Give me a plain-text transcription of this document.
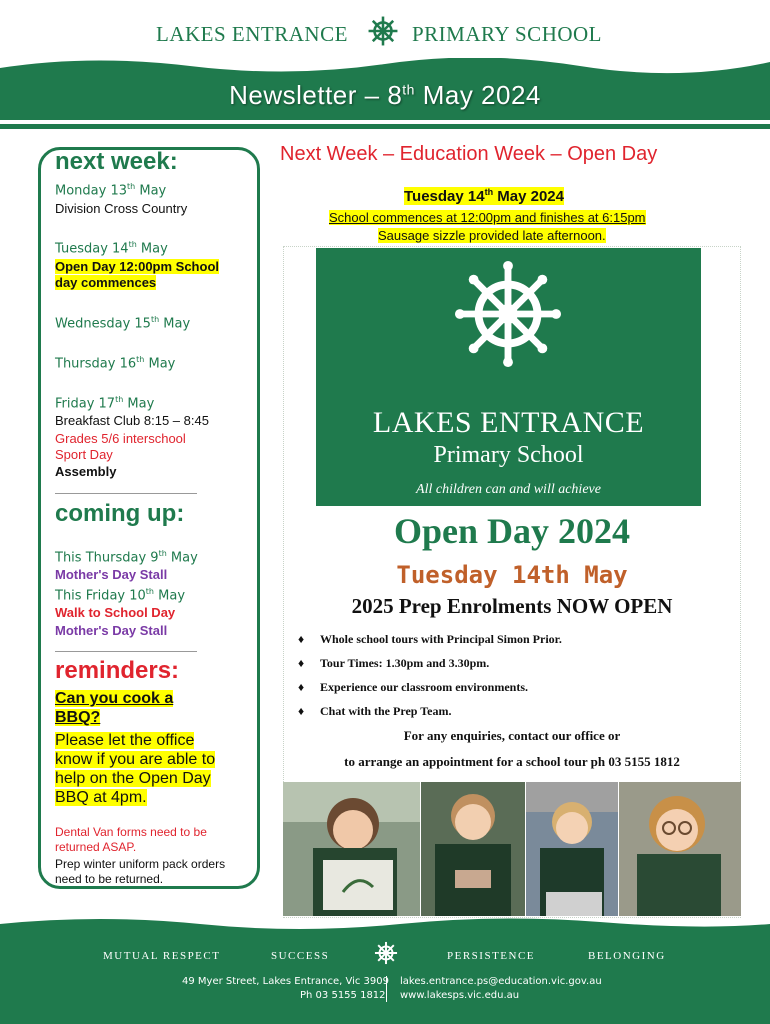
LAKES ENTRANCE	PRIMARY SCHOOL
Newsletter – 8th May 2024
next week:
Monday 13th May
Division Cross Country
Tuesday 14th May
Open Day 12:00pm School day commences
Wednesday 15th May
Thursday 16th May
Friday 17th May
Breakfast Club 8:15 – 8:45
Grades 5/6 interschool Sport Day
Assembly
coming up:
This Thursday 9th May
Mother's Day Stall
This Friday 10th May
Walk to School Day
Mother's Day Stall
reminders:
Can you cook a BBQ?
Please let the office know if you are able to help on the Open Day BBQ at 4pm.
Dental Van forms need to be returned ASAP.
Prep winter uniform pack orders need to be returned.
Next Week – Education Week – Open Day
Tuesday 14th May 2024
School commences at 12:00pm and finishes at 6:15pm
Sausage sizzle provided late afternoon.
LAKES ENTRANCE
Primary School
All children can and will achieve
Open Day 2024
Tuesday 14th May
2025 Prep Enrolments NOW OPEN
♦ Whole school tours with Principal Simon Prior.
♦ Tour Times: 1.30pm and 3.30pm.
♦ Experience our classroom environments.
♦ Chat with the Prep Team.
For any enquiries, contact our office or
to arrange an appointment for a school tour ph 03 5155 1812
MUTUAL RESPECT	SUCCESS	PERSISTENCE	BELONGING
49 Myer Street, Lakes Entrance, Vic 3909
Ph 03 5155 1812
lakes.entrance.ps@education.vic.gov.au
www.lakesps.vic.edu.au
